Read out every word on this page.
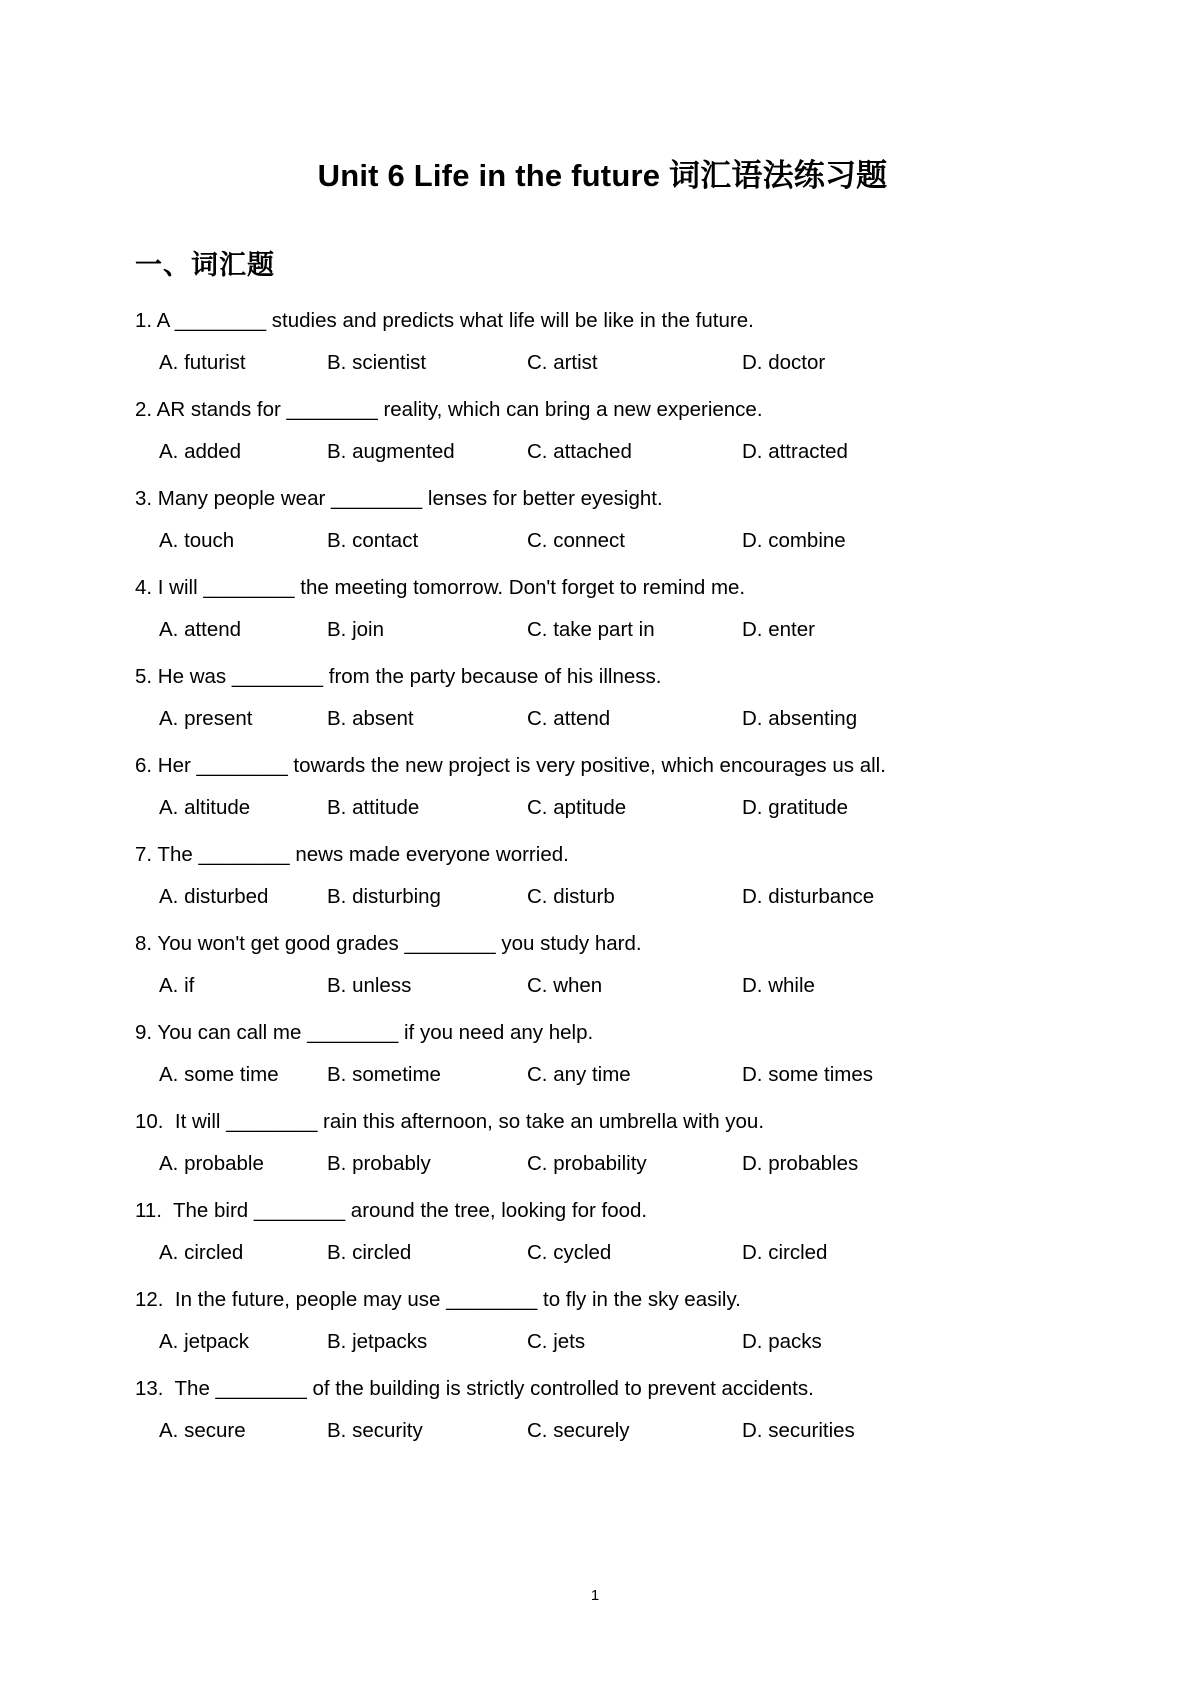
Unit 6 Life in the future 词汇语法练习题
一、词汇题
1. A ________ studies and predicts what life will be like in the future.
A. futurist	B. scientist	C. artist	D. doctor
2. AR stands for ________ reality, which can bring a new experience.
A. added	B. augmented	C. attached	D. attracted
3. Many people wear ________ lenses for better eyesight.
A. touch	B. contact	C. connect	D. combine
4. I will ________ the meeting tomorrow. Don't forget to remind me.
A. attend	B. join	C. take part in	D. enter
5. He was ________ from the party because of his illness.
A. present	B. absent	C. attend	D. absenting
6. Her ________ towards the new project is very positive, which encourages us all.
A. altitude	B. attitude	C. aptitude	D. gratitude
7. The ________ news made everyone worried.
A. disturbed	B. disturbing	C. disturb	D. disturbance
8. You won't get good grades ________ you study hard.
A. if	B. unless	C. when	D. while
9. You can call me ________ if you need any help.
A. some time	B. sometime	C. any time	D. some times
10.  It will ________ rain this afternoon, so take an umbrella with you.
A. probable	B. probably	C. probability	D. probables
11.  The bird ________ around the tree, looking for food.
A. circled	B. circled	C. cycled	D. circled
12.  In the future, people may use ________ to fly in the sky easily.
A. jetpack	B. jetpacks	C. jets	D. packs
13.  The ________ of the building is strictly controlled to prevent accidents.
A. secure	B. security	C. securely	D. securities
1
